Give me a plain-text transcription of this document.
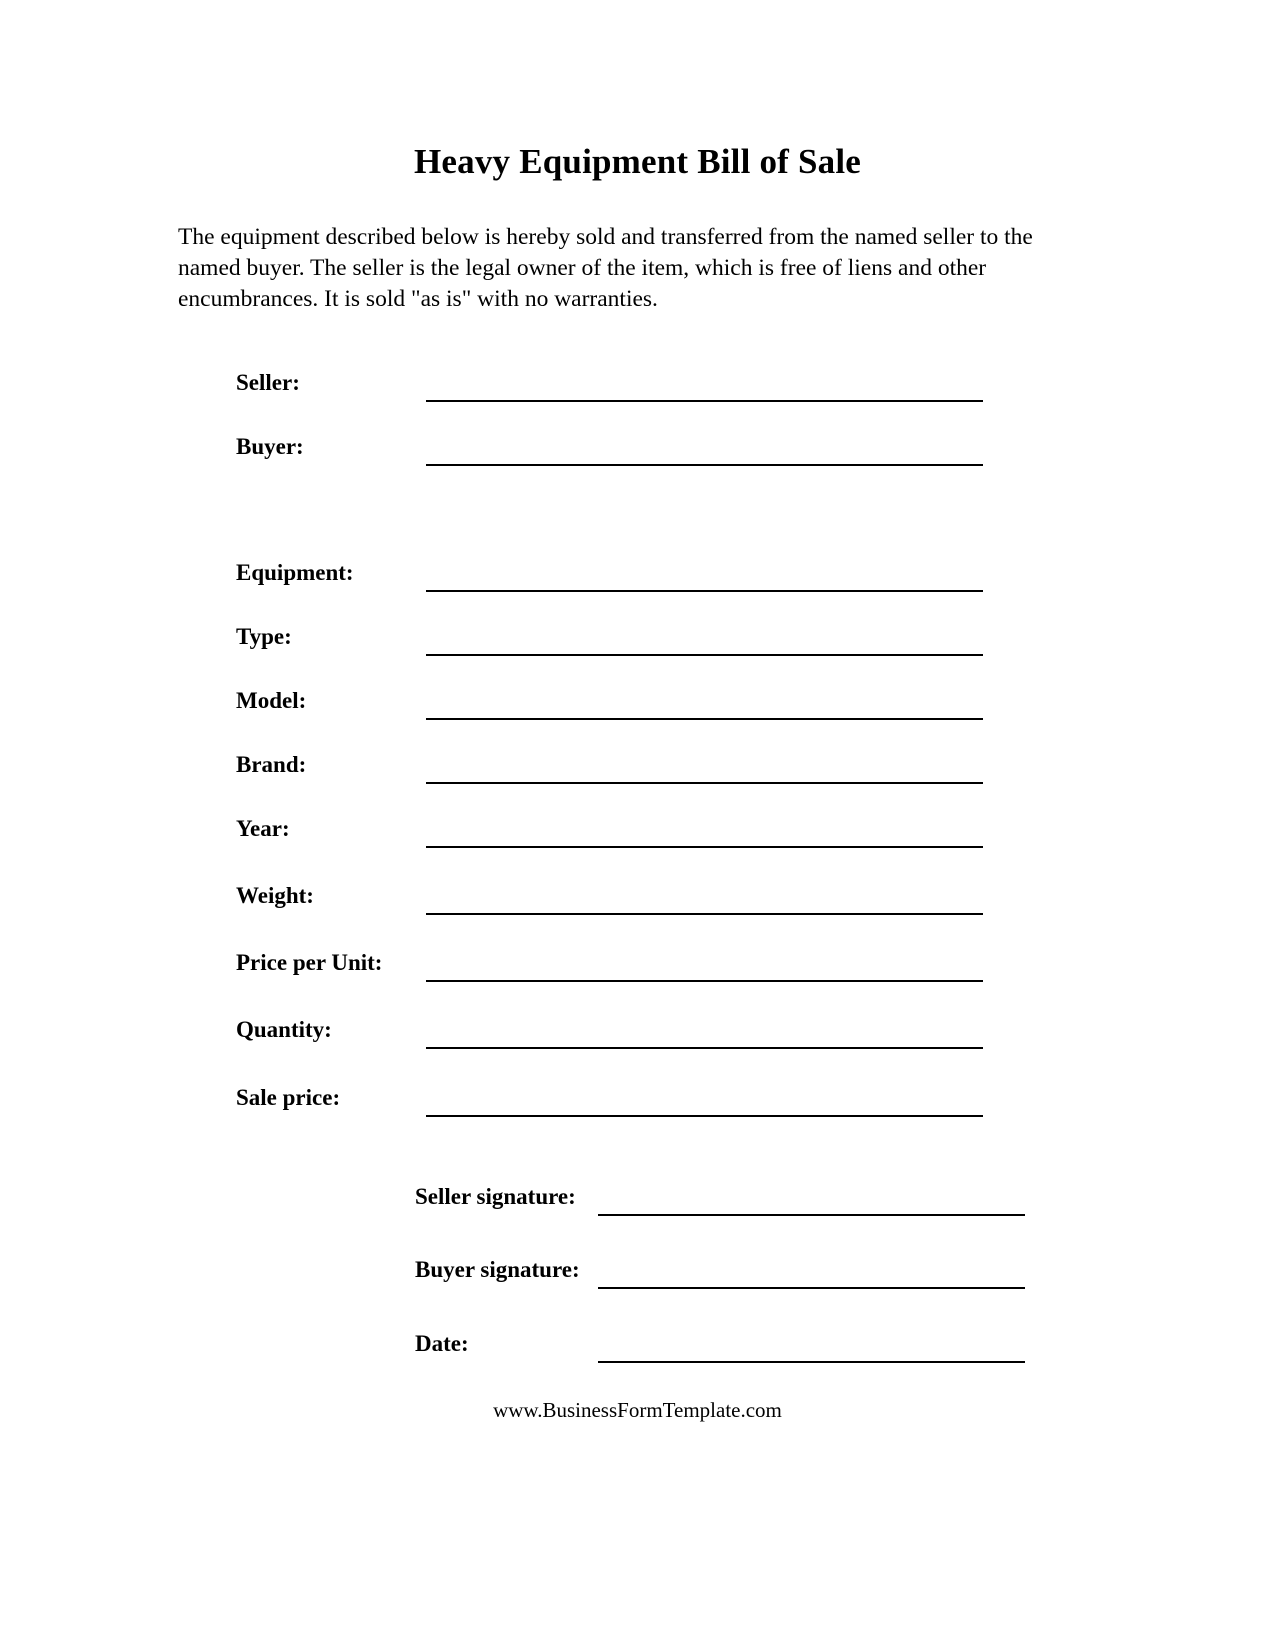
Heavy Equipment Bill of Sale
The equipment described below is hereby sold and transferred from the named seller to the named buyer. The seller is the legal owner of the item, which is free of liens and other encumbrances. It is sold "as is" with no warranties.
Seller:
Buyer:
Equipment:
Type:
Model:
Brand:
Year:
Weight:
Price per Unit:
Quantity:
Sale price:
Seller signature:
Buyer signature:
Date:
www.BusinessFormTemplate.com
